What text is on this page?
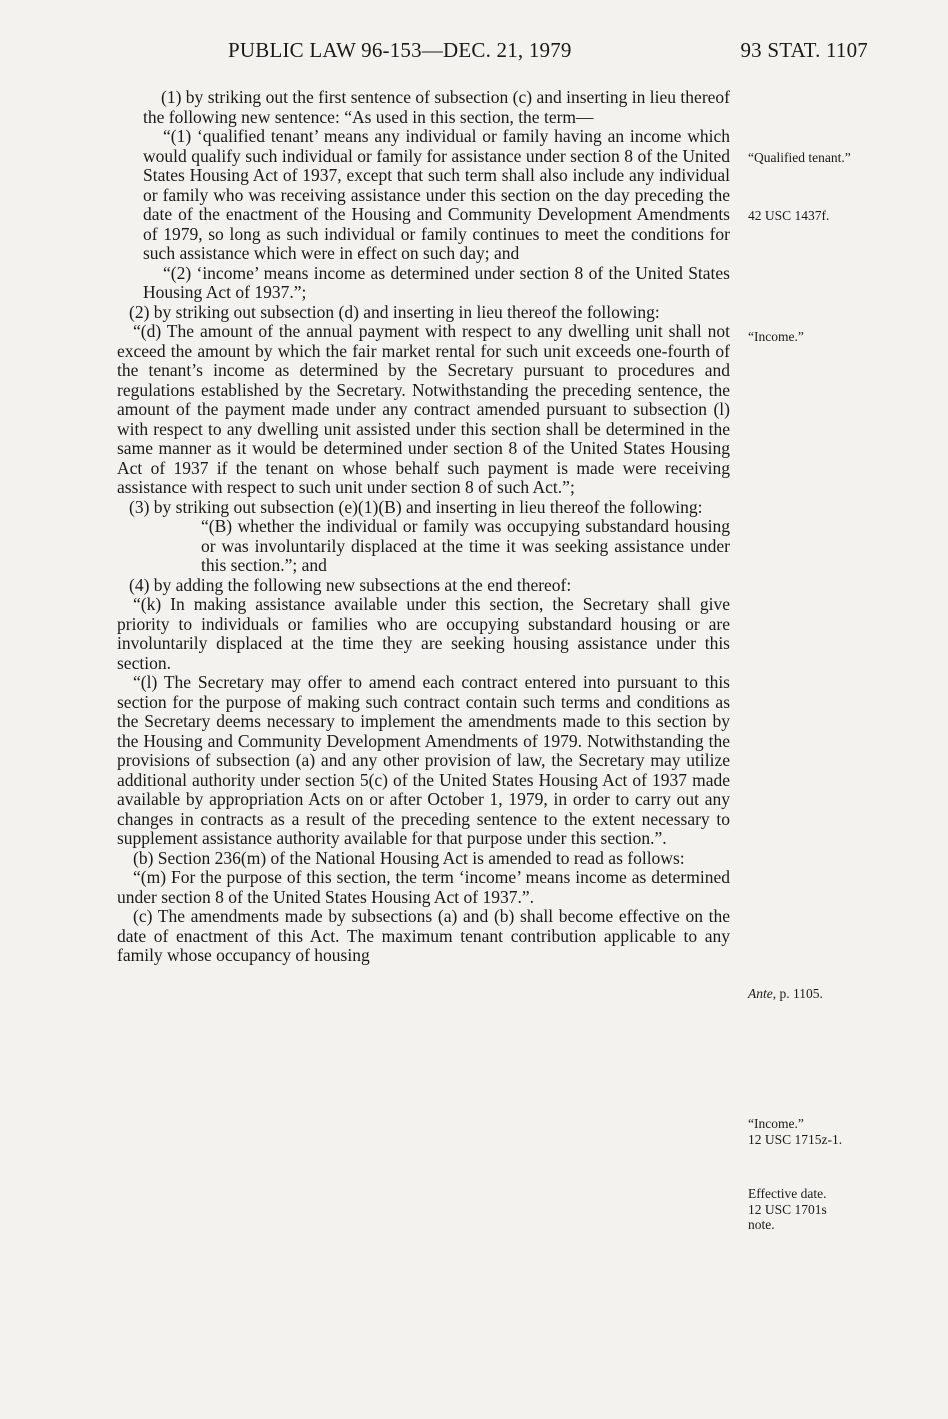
PUBLIC LAW 96-153—DEC. 21, 1979	93 STAT. 1107

(1) by striking out the first sentence of subsection (c) and inserting in lieu thereof the following new sentence: “As used in this section, the term—

“(1) ‘qualified tenant’ means any individual or family having an income which would qualify such individual or family for assistance under section 8 of the United States Housing Act of 1937, except that such term shall also include any individual or family who was receiving assistance under this section on the day preceding the date of the enactment of the Housing and Community Development Amendments of 1979, so long as such individual or family continues to meet the conditions for such assistance which were in effect on such day; and

“(2) ‘income’ means income as determined under section 8 of the United States Housing Act of 1937.”;

(2) by striking out subsection (d) and inserting in lieu thereof the following:

“(d) The amount of the annual payment with respect to any dwelling unit shall not exceed the amount by which the fair market rental for such unit exceeds one-fourth of the tenant’s income as determined by the Secretary pursuant to procedures and regulations established by the Secretary. Notwithstanding the preceding sentence, the amount of the payment made under any contract amended pursuant to subsection (l) with respect to any dwelling unit assisted under this section shall be determined in the same manner as it would be determined under section 8 of the United States Housing Act of 1937 if the tenant on whose behalf such payment is made were receiving assistance with respect to such unit under section 8 of such Act.”;

(3) by striking out subsection (e)(1)(B) and inserting in lieu thereof the following:

“(B) whether the individual or family was occupying substandard housing or was involuntarily displaced at the time it was seeking assistance under this section.”; and

(4) by adding the following new subsections at the end thereof:

“(k) In making assistance available under this section, the Secretary shall give priority to individuals or families who are occupying substandard housing or are involuntarily displaced at the time they are seeking housing assistance under this section.

“(l) The Secretary may offer to amend each contract entered into pursuant to this section for the purpose of making such contract contain such terms and conditions as the Secretary deems necessary to implement the amendments made to this section by the Housing and Community Development Amendments of 1979. Notwithstanding the provisions of subsection (a) and any other provision of law, the Secretary may utilize additional authority under section 5(c) of the United States Housing Act of 1937 made available by appropriation Acts on or after October 1, 1979, in order to carry out any changes in contracts as a result of the preceding sentence to the extent necessary to supplement assistance authority available for that purpose under this section.”.

(b) Section 236(m) of the National Housing Act is amended to read as follows:

“(m) For the purpose of this section, the term ‘income’ means income as determined under section 8 of the United States Housing Act of 1937.”.

(c) The amendments made by subsections (a) and (b) shall become effective on the date of enactment of this Act. The maximum tenant contribution applicable to any family whose occupancy of housing

“Qualified tenant.”
42 USC 1437f.
“Income.”
Ante, p. 1105.
“Income.”
12 USC 1715z-1.
Effective date.
12 USC 1701s note.
